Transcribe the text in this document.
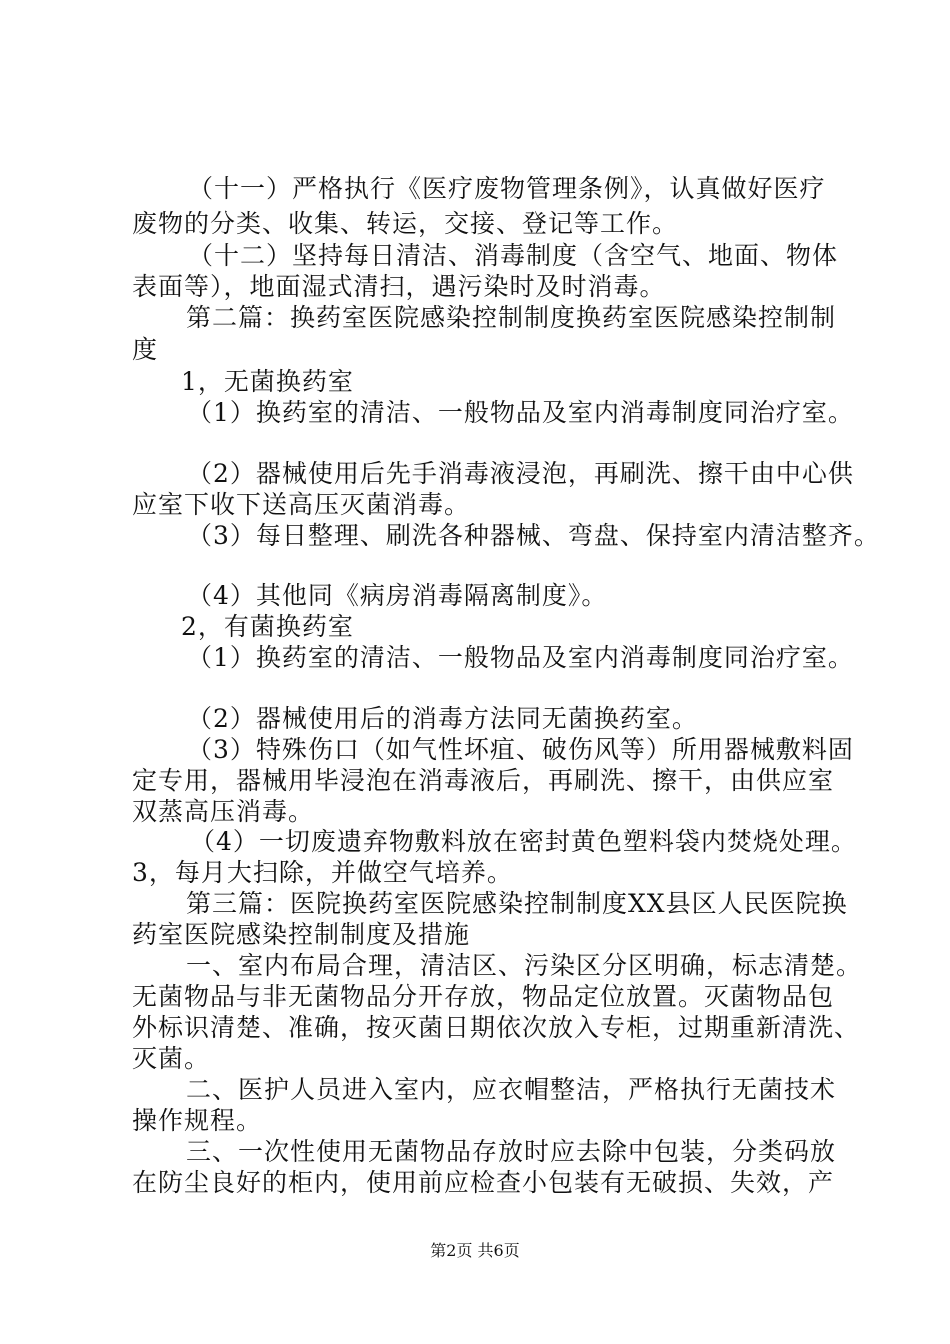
（十一）严格执行《医疗废物管理条例》，认真做好医疗
废物的分类、收集、转运，交接、登记等工作。
（十二）坚持每日清洁、消毒制度（含空气、地面、物体
表面等），地面湿式清扫，遇污染时及时消毒。
第二篇：换药室医院感染控制制度换药室医院感染控制制
度
1，无菌换药室
（1）换药室的清洁、一般物品及室内消毒制度同治疗室。
（2）器械使用后先手消毒液浸泡，再刷洗、擦干由中心供
应室下收下送高压灭菌消毒。
（3）每日整理、刷洗各种器械、弯盘、保持室内清洁整齐。
（4）其他同《病房消毒隔离制度》。
2，有菌换药室
（1）换药室的清洁、一般物品及室内消毒制度同治疗室。
（2）器械使用后的消毒方法同无菌换药室。
（3）特殊伤口（如气性坏疽、破伤风等）所用器械敷料固
定专用，器械用毕浸泡在消毒液后，再刷洗、擦干，由供应室
双蒸高压消毒。
（4）一切废遗弃物敷料放在密封黄色塑料袋内焚烧处理。
3，每月大扫除，并做空气培养。
第三篇：医院换药室医院感染控制制度XX县区人民医院换
药室医院感染控制制度及措施
一、室内布局合理，清洁区、污染区分区明确，标志清楚。
无菌物品与非无菌物品分开存放，物品定位放置。灭菌物品包
外标识清楚、准确，按灭菌日期依次放入专柜，过期重新清洗、
灭菌。
二、医护人员进入室内，应衣帽整洁，严格执行无菌技术
操作规程。
三、一次性使用无菌物品存放时应去除中包装，分类码放
在防尘良好的柜内，使用前应检查小包装有无破损、失效，产
第2页 共6页
